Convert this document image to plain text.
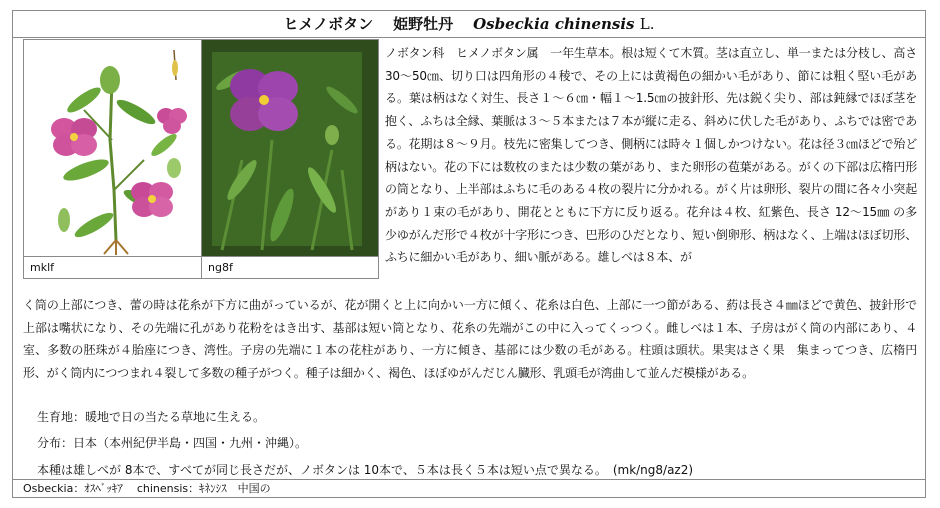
ヒメノボタン 姫野牡丹 Osbeckia chinensis L.
mklf	ng8f

ノボタン科　ヒメノボタン属　一年生草本。根は短くて木質。茎は直立し、単一または分枝し、高さ 30～50㎝、切り口は四角形の４稜で、その上には黄褐色の細かい毛があり、節には粗く堅い毛がある。葉は柄はなく対生、長さ１～６㎝・幅１～1.5㎝の披針形、先は鋭く尖り、部は鈍縁でほぼ茎を抱く、ふちは全縁、葉脈は３～５本または７本が縦に走る、斜めに伏した毛があり、ふちでは密である。花期は８～９月。枝先に密集してつき、側柄には時々１個しかつけない。花は径３㎝ほどで殆ど柄はない。花の下には数枚のまたは少数の葉があり、また卵形の苞葉がある。がくの下部は広楕円形の筒となり、上半部はふちに毛のある４枚の裂片に分かれる。がく片は卵形、裂片の間に各々小突起があり１束の毛があり、開花とともに下方に反り返る。花弁は４枚、紅紫色、長さ 12～15㎜ の多少ゆがんだ形で４枚が十字形につき、巴形のひだとなり、短い倒卵形、柄はなく、上端はほぼ切形、ふちに細かい毛があり、細い脈がある。雄しべは８本、が

く筒の上部につき、蕾の時は花糸が下方に曲がっているが、花が開くと上に向かい一方に傾く、花糸は白色、上部に一つ節がある、葯は長さ４㎜ほどで黄色、披針形で上部は嘴状になり、その先端に孔があり花粉をはき出す、基部は短い筒となり、花糸の先端がこの中に入ってくっつく。雌しべは１本、子房はがく筒の内部にあり、４室、多数の胚珠が４胎座につき、湾性。子房の先端に１本の花柱があり、一方に傾き、基部には少数の毛がある。柱頭は頭状。果実はさく果　集まってつき、広楕円形、がく筒内につつまれ４裂して多数の種子がつく。種子は細かく、褐色、ほぼゆがんだじん臓形、乳頭毛が湾曲して並んだ模様がある。

生育地：暖地で日の当たる草地に生える。
分布：日本（本州紀伊半島・四国・九州・沖縄）。
本種は雄しべが 8本で、すべてが同じ長さだが、ノボタンは 10本で、５本は長く５本は短い点で異なる。　(mk/ng8/az2)
Osbeckia：ｵｽﾍﾞｯｷｱ chinensis：ｷﾈﾝｼｽ　中国の
